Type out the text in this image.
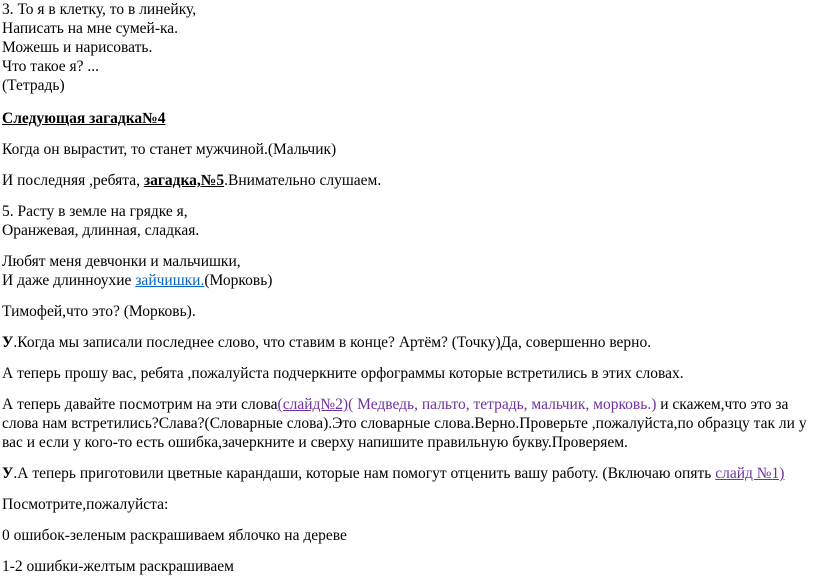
3. То я в клетку, то в линейку,

Написать на мне сумей-ка.

Можешь и нарисовать.

Что такое я? ...

(Тетрадь)

Следующая загадка№4

Когда он вырастит, то станет мужчиной.(Мальчик)

И последняя ,ребята, загадка,№5.Внимательно слушаем.

5. Расту в земле на грядке я,

Оранжевая, длинная, сладкая.

Любят меня девчонки и мальчишки,

И даже длинноухие зайчишки.(Морковь)

Тимофей,что это? (Морковь).

У.Когда мы записали последнее слово, что ставим в конце? Артём? (Точку)Да, совершенно верно.

А теперь прошу вас, ребята ,пожалуйста подчеркните орфограммы которые встретились в этих словах.

А теперь давайте посмотрим на эти слова(слайд№2)( Медведь, пальто, тетрадь, мальчик, морковь.) и скажем,что это за

слова нам встретились?Слава?(Словарные слова).Это словарные слова.Верно.Проверьте ,пожалуйста,по образцу так ли у

вас и если у кого-то есть ошибка,зачеркните и сверху напишите правильную букву.Проверяем.

У.А теперь приготовили цветные карандаши, которые нам помогут отценить вашу работу. (Включаю опять слайд №1)

Посмотрите,пожалуйста:

0 ошибок-зеленым раскрашиваем яблочко на дереве

1-2 ошибки-желтым раскрашиваем
